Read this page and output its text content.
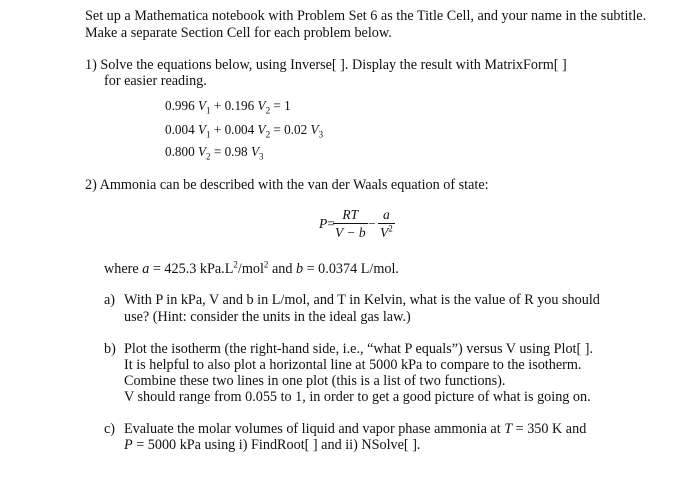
Set up a Mathematica notebook with Problem Set 6 as the Title Cell, and your name in the subtitle.
Make a separate Section Cell for each problem below.
1) Solve the equations below, using Inverse[ ]. Display the result with MatrixForm[ ]
for easier reading.
0.996 $V_1 + 0.196$ $V_2 = 1$
0.004 $V_1 + 0.004$ $V_2 = 0.02$ $V_3$
0.800 $V_2 = 0.98$ $V_3$
2) Ammonia can be described with the van der Waals equation of state:
P=
RT
V − b
−
a
$V^2$
where a = 425.3 $kPa.L^2/mol^2$ and b = 0.0374 L/mol.
a) With P in kPa, V and b in L/mol, and T in Kelvin, what is the value of R you should
use? (Hint: consider the units in the ideal gas law.)
b) Plot the isotherm (the right-hand side, i.e., “what P equals”) versus V using Plot[ ].
It is helpful to also plot a horizontal line at 5000 kPa to compare to the isotherm.
Combine these two lines in one plot (this is a list of two functions).
V should range from 0.055 to 1, in order to get a good picture of what is going on.
c) Evaluate the molar volumes of liquid and vapor phase ammonia at T = 350 K and
P = 5000 kPa using i) FindRoot[ ] and ii) NSolve[ ].
